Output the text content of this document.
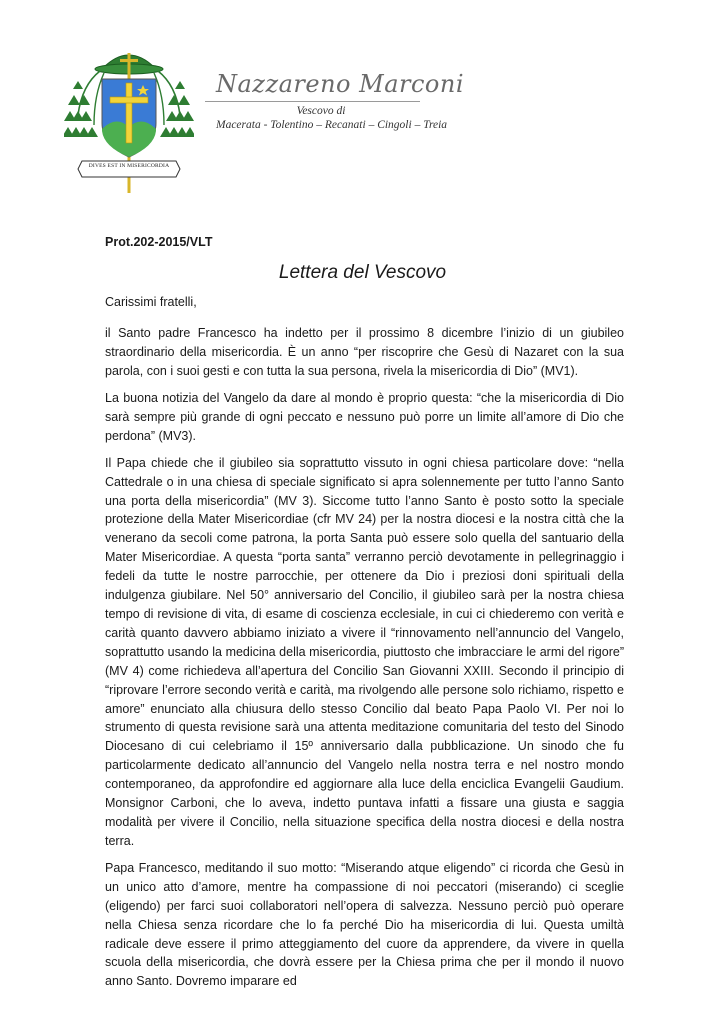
DIVES EST IN MISERICORDIA
Nazzareno Marconi
Vescovo di
Macerata - Tolentino – Recanati – Cingoli – Treia
Prot.202-2015/VLT
Lettera del Vescovo

Carissimi fratelli,

il Santo padre Francesco ha indetto per il prossimo 8 dicembre l’inizio di un giubileo straordinario della misericordia. È un anno “per riscoprire che Gesù di Nazaret con la sua parola, con i suoi gesti e con tutta la sua persona, rivela la misericordia di Dio” (MV1).

La buona notizia del Vangelo da dare al mondo è proprio questa: “che la misericordia di Dio sarà sempre più grande di ogni peccato e nessuno può porre un limite all’amore di Dio che perdona” (MV3).

Il Papa chiede che il giubileo sia soprattutto vissuto in ogni chiesa particolare dove: “nella Cattedrale o in una chiesa di speciale significato si apra solennemente per tutto l’anno Santo una porta della misericordia” (MV 3). Siccome tutto l’anno Santo è posto sotto la speciale protezione della Mater Misericordiae (cfr MV 24) per la nostra diocesi e la nostra città che la venerano da secoli come patrona, la porta Santa può essere solo quella del santuario della Mater Misericordiae. A questa “porta santa” verranno perciò devotamente in pellegrinaggio i fedeli da tutte le nostre parrocchie, per ottenere da Dio i preziosi doni spirituali della indulgenza giubilare. Nel 50° anniversario del Concilio, il giubileo sarà per la nostra chiesa tempo di revisione di vita, di esame di coscienza ecclesiale, in cui ci chiederemo con verità e carità quanto davvero abbiamo iniziato a vivere il “rinnovamento nell’annuncio del Vangelo, soprattutto usando la medicina della misericordia, piuttosto che imbracciare le armi del rigore” (MV 4) come richiedeva all’apertura del Concilio San Giovanni XXIII. Secondo il principio di “riprovare l’errore secondo verità e carità, ma rivolgendo alle persone solo richiamo, rispetto e amore” enunciato alla chiusura dello stesso Concilio dal beato Papa Paolo VI. Per noi lo strumento di questa revisione sarà una attenta meditazione comunitaria del testo del Sinodo Diocesano di cui celebriamo il 15º anniversario dalla pubblicazione. Un sinodo che fu particolarmente dedicato all’annuncio del Vangelo nella nostra terra e nel nostro mondo contemporaneo, da approfondire ed aggiornare alla luce della enciclica Evangelii Gaudium. Monsignor Carboni, che lo aveva, indetto puntava infatti a fissare una giusta e saggia modalità per vivere il Concilio, nella situazione specifica della nostra diocesi e della nostra terra.

Papa Francesco, meditando il suo motto: “Miserando atque eligendo” ci ricorda che Gesù in un unico atto d’amore, mentre ha compassione di noi peccatori (miserando) ci sceglie (eligendo) per farci suoi collaboratori nell’opera di salvezza. Nessuno perciò può operare nella Chiesa senza ricordare che lo fa perché Dio ha misericordia di lui. Questa umiltà radicale deve essere il primo atteggiamento del cuore da apprendere, da vivere in quella scuola della misericordia, che dovrà essere per la Chiesa prima che per il mondo il nuovo anno Santo. Dovremo imparare ed
